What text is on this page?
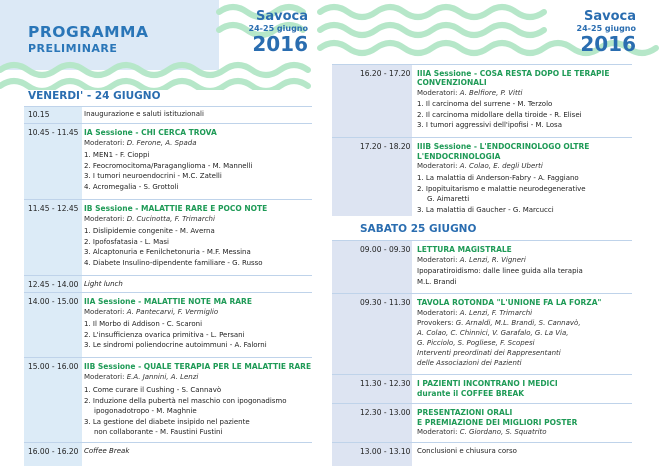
PROGRAMMA
PRELIMINARE
Savoca
24-25 giugno
2016
Savoca
24-25 giugno
2016
VENERDI' - 24 GIUGNO
10.15	Inaugurazione e saluti istituzionali
10.45 - 11.45 IA Sessione - CHI CERCA TROVA
Moderatori: D. Ferone, A. Spada
1. MEN1 - F. Cioppi
2. Feocromocitoma/Paraganglioma - M. Mannelli
3. I tumori neuroendocrini - M.C. Zatelli
4. Acromegalia - S. Grottoli
11.45 - 12.45 IB Sessione - MALATTIE RARE E POCO NOTE
Moderatori: D. Cucinotta, F. Trimarchi
1. Dislipidemie congenite - M. Averna
2. Ipofosfatasia - L. Masi
3. Alcaptonuria e Fenilchetonuria - M.F. Messina
4. Diabete Insulino-dipendente familiare - G. Russo
12.45 - 14.00 Light lunch
14.00 - 15.00 IIA Sessione - MALATTIE NOTE MA RARE
Moderatori: A. Pantecarvi, F. Vermiglio
1. Il Morbo di Addison - C. Scaroni
2. L'insufficienza ovarica primitiva - L. Persani
3. Le sindromi poliendocrine autoimmuni - A. Falorni
15.00 - 16.00 IIB Sessione - QUALE TERAPIA PER LE MALATTIE RARE
Moderatori: E.A. Jannini, A. Lenzi
1. Come curare il Cushing - S. Cannavò
2. Induzione della pubertà nel maschio con ipogonadismo
ipogonadotropo - M. Maghnie
3. La gestione del diabete insipido nel paziente
non collaborante - M. Faustini Fustini
16.00 - 16.20 Coffee Break
16.20 - 17.20 IIIA Sessione - COSA RESTA DOPO LE TERAPIE
CONVENZIONALI
Moderatori: A. Belfiore, P. Vitti
1. Il carcinoma del surrene - M. Terzolo
2. Il carcinoma midollare della tiroide - R. Elisei
3. I tumori aggressivi dell'ipofisi - M. Losa
17.20 - 18.20 IIIB Sessione - L'ENDOCRINOLOGO OLTRE
L'ENDOCRINOLOGIA
Moderatori: A. Colao, E. degli Uberti
1. La malattia di Anderson-Fabry - A. Faggiano
2. Ipopituitarismo e malattie neurodegenerative
G. Aimaretti
3. La malattia di Gaucher - G. Marcucci
SABATO 25 GIUGNO
09.00 - 09.30 LETTURA MAGISTRALE
Moderatori: A. Lenzi, R. Vigneri
Ipoparatiroidismo: dalle linee guida alla terapia
M.L. Brandi
09.30 - 11.30 TAVOLA ROTONDA "L'UNIONE FA LA FORZA"
Moderatori: A. Lenzi, F. Trimarchi
Provokers: G. Arnaldi, M.L. Brandi, S. Cannavò,
A. Colao, C. Chinnici, V. Garafalo, G. La Via,
G. Picciolo, S. Pogliese, F. Scopesi
Interventi preordinati dei Rappresentanti
delle Associazioni dei Pazienti
11.30 - 12.30 I PAZIENTI INCONTRANO I MEDICI
durante il COFFEE BREAK
12.30 - 13.00 PRESENTAZIONI ORALI
E PREMIAZIONE DEI MIGLIORI POSTER
Moderatori: C. Giordano, S. Squatrito
13.00 - 13.10 Conclusioni e chiusura corso
